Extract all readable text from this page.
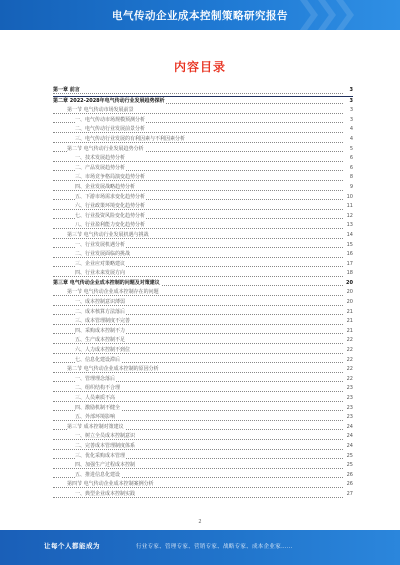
电气传动企业成本控制策略研究报告
内容目录
第一章 前言	3
第二章 2022-2028年电气传动行业发展趋势探析	3
第一节 电气传动市场发展前景	3
一、电气传动市场规模预测分析	3
二、电气传动行业发展前景分析	4
三、电气传动行业发展的有利因素与不利因素分析	4
第二节 电气传动行业发展趋势分析	5
一、技术发展趋势分析	6
二、产品发展趋势分析	6
三、市场竞争格局演变趋势分析	8
四、企业发展战略趋势分析	9
五、下游市场需求变化趋势分析	10
六、行业政策环境变化趋势分析	11
七、行业投资风险变化趋势分析	12
八、行业盈利能力变化趋势分析	13
第三节 电气传动行业发展机遇与挑战	14
一、行业发展机遇分析	15
二、行业发展面临的挑战	16
三、企业应对策略建议	17
四、行业未来发展方向	18
第三章 电气传动企业成本控制的问题及对策建议	20
第一节 电气传动企业成本控制存在的问题	20
一、成本控制意识薄弱	20
二、成本核算方法落后	21
三、成本管理制度不完善	21
四、采购成本控制不力	21
五、生产成本控制不足	22
六、人力成本控制不到位	22
七、信息化建设滞后	22
第二节 电气传动企业成本控制的原因分析	22
一、管理理念落后	22
二、组织结构不合理	23
三、人员素质不高	23
四、激励机制不健全	23
五、外部环境影响	23
第三节 成本控制对策建议	24
一、树立全员成本控制意识	24
二、完善成本管理制度体系	24
三、优化采购成本管理	25
四、加强生产过程成本控制	25
五、推进信息化建设	26
第四节 电气传动企业成本控制案例分析	26
一、典型企业成本控制实践	27
2
让每个人都能成为	行业专家、管理专家、营销专家、战略专家、成本企业家……
